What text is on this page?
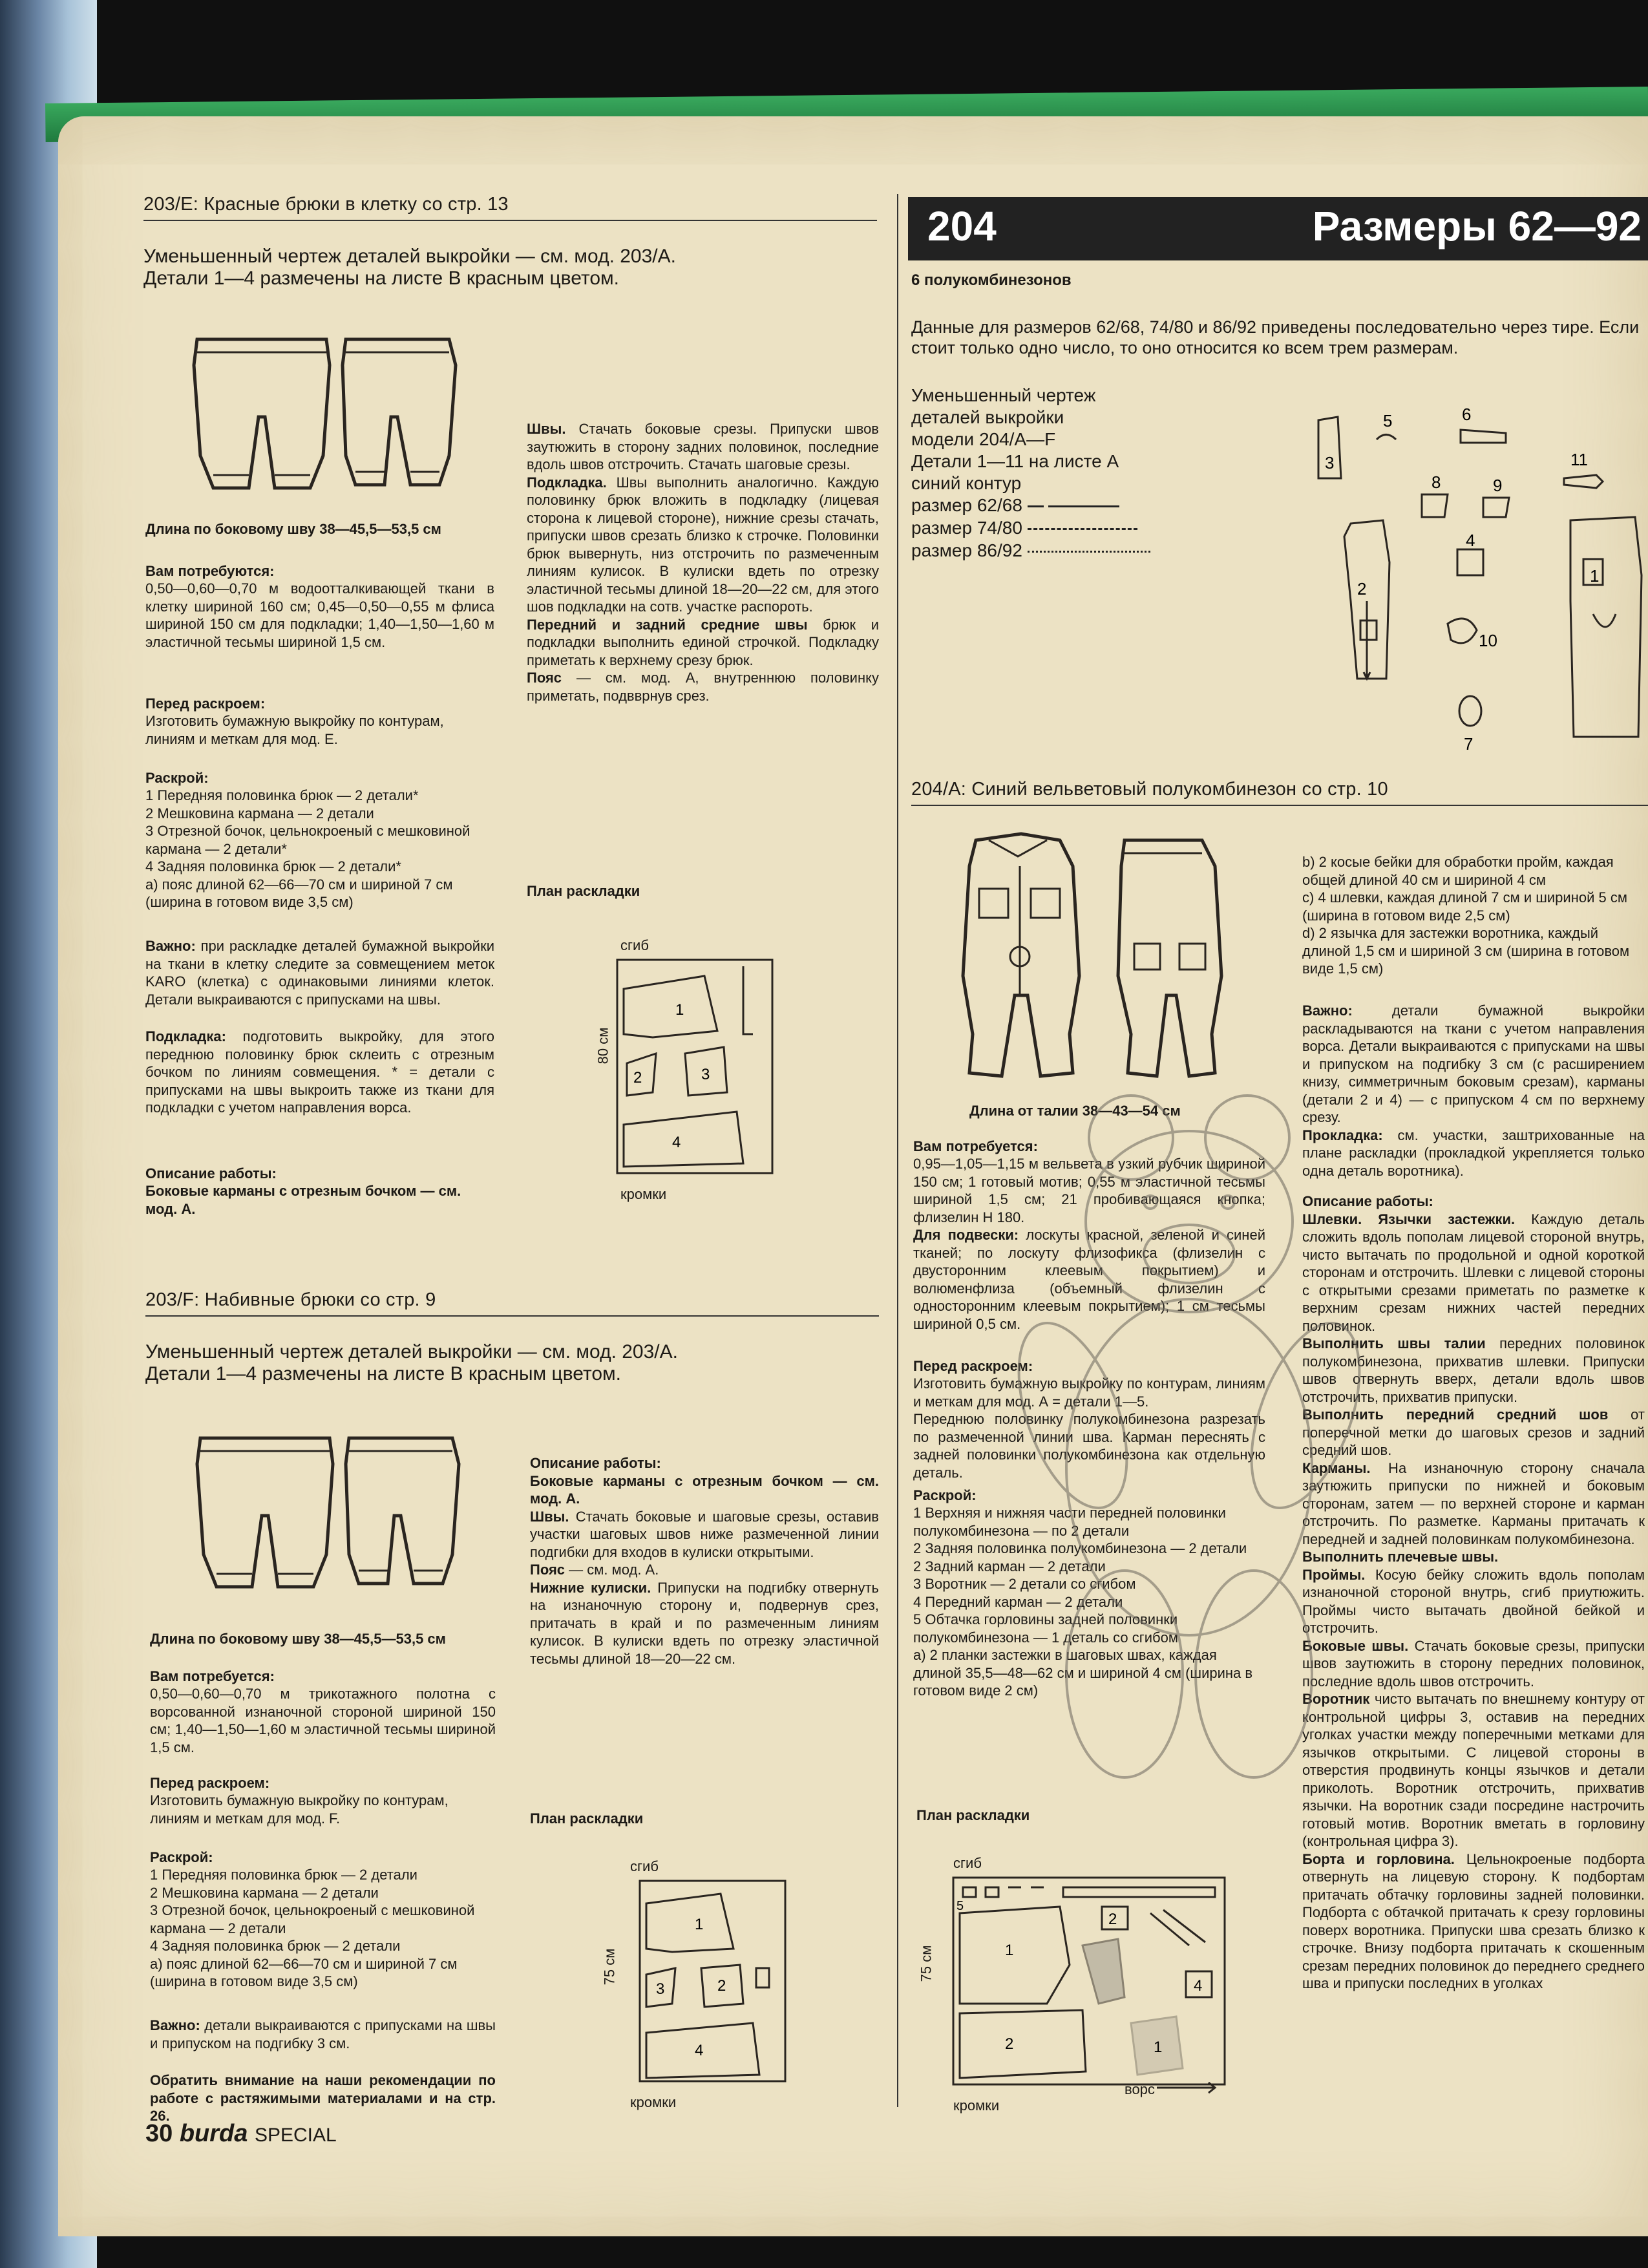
203/E: Красные брюки в клетку со стр. 13
Уменьшенный чертеж деталей выкройки — см. мод. 203/А.
Детали 1—4 размечены на листе В красным цветом.
Длина по боковому шву 38—45,5—53,5 см
Вам потребуются:
0,50—0,60—0,70 м водоотталкивающей ткани в клетку шириной 160 см; 0,45—0,50—0,55 м флиса шириной 150 см для подкладки; 1,40—1,50—1,60 м эластичной тесьмы шириной 1,5 см.
Перед раскроем:
Изготовить бумажную выкройку по контурам, линиям и меткам для мод. Е.
Раскрой:
1 Передняя половинка брюк — 2 детали*
2 Мешковина кармана — 2 детали
3 Отрезной бочок, цельнокроеный с мешковиной кармана — 2 детали*
4 Задняя половинка брюк — 2 детали*
а) пояс длиной 62—66—70 см и шириной 7 см (ширина в готовом виде 3,5 см)
Важно: при раскладке деталей бумажной выкройки на ткани в клетку следите за совмещением меток KARO (клетка) с одинаковыми линиями клеток. Детали выкраиваются с припусками на швы.
Подкладка: подготовить выкройку, для этого переднюю половинку брюк склеить с отрезным бочком по линиям совмещения. * = детали с припусками на швы выкроить также из ткани для подкладки с учетом направления ворса.
Описание работы:
Боковые карманы с отрезным бочком — см. мод. А.
Швы. Стачать боковые срезы. Припуски швов заутюжить в сторону задних половинок, последние вдоль швов отстрочить. Стачать шаговые срезы.
Подкладка. Швы выполнить аналогично. Каждую половинку брюк вложить в подкладку (лицевая сторона к лицевой стороне), нижние срезы стачать, припуски швов срезать близко к строчке. Половинки брюк вывернуть, низ отстрочить по размеченным линиям кулисок. В кулиски вдеть по отрезку эластичной тесьмы длиной 18—20—22 см, для этого шов подкладки на сотв. участке распороть.
Передний и задний средние швы брюк и подкладки выполнить единой строчкой. Подкладку приметать к верхнему срезу брюк.
Пояс — см. мод. А, внутреннюю половинку приметать, подвврнув срез.
План раскладки
сгиб
кромки
80 см
1
2	3
4
203/F: Набивные брюки со стр. 9
Уменьшенный чертеж деталей выкройки — см. мод. 203/А.
Детали 1—4 размечены на листе В красным цветом.
Длина по боковому шву 38—45,5—53,5 см
Вам потребуется:
0,50—0,60—0,70 м трикотажного полотна с ворсованной изнаночной стороной шириной 150 см; 1,40—1,50—1,60 м эластичной тесьмы шириной 1,5 см.
Перед раскроем:
Изготовить бумажную выкройку по контурам, линиям и меткам для мод. F.
Раскрой:
1 Передняя половинка брюк — 2 детали
2 Мешковина кармана — 2 детали
3 Отрезной бочок, цельнокроеный с мешковиной кармана — 2 детали
4 Задняя половинка брюк — 2 детали
а) пояс длиной 62—66—70 см и шириной 7 см (ширина в готовом виде 3,5 см)
Важно: детали выкраиваются с припусками на швы и припуском на подгибку 3 см.
Обратить внимание на наши рекомендации по работе с растяжимыми материалами и на стр. 26.
Описание работы:
Боковые карманы с отрезным бочком — см. мод. А.
Швы. Стачать боковые и шаговые срезы, оставив участки шаговых швов ниже размеченной линии подгибки для входов в кулиски открытыми.
Пояс — см. мод. А.
Нижние кулиски. Припуски на подгибку отвернуть на изнаночную сторону и, подвернув срез, притачать в край и по размеченным линиям кулисок. В кулиски вдеть по отрезку эластичной тесьмы длиной 18—20—22 см.
План раскладки
сгиб
кромки
75 см
1
3	2
4
30 burda SPECIAL
204	Размеры 62—92
6 полукомбинезонов
Данные для размеров 62/68, 74/80 и 86/92 приведены последовательно через тире. Если стоит только одно число, то оно относится ко всем трем размерам.
Уменьшенный чертеж
деталей выкройки
модели 204/А—F
Детали 1—11 на листе А
синий контур
размер 62/68
размер 74/80
размер 86/92
3
5	6
8	9
11
2
4
10
7
1
204/А: Синий вельветовый полукомбинезон со стр. 10
Длина от талии 38—43—54 см
Вам потребуется:
0,95—1,05—1,15 м вельвета в узкий рубчик шириной 150 см; 1 готовый мотив; 0,55 м эластичной тесьмы шириной 1,5 см; 21 пробивающаяся кнопка; флизелин Н 180.
Для подвески: лоскуты красной, зеленой и синей тканей; по лоскуту флизофикса (флизелин с двусторонним клеевым покрытием) и волюменфлиза (объемный флизелин с односторонним клеевым покрытием); 1 см тесьмы шириной 0,5 см.
Перед раскроем:
Изготовить бумажную выкройку по контурам, линиям и меткам для мод. А = детали 1—5.
Переднюю половинку полукомбинезона разрезать по размеченной линии шва. Карман переснять с задней половинки полукомбинезона как отдельную деталь.
Раскрой:
1 Верхняя и нижняя части передней половинки полукомбинезона — по 2 детали
2 Задняя половинка полукомбинезона — 2 детали
2 Задний карман — 2 детали
3 Воротник — 2 детали со сгибом
4 Передний карман — 2 детали
5 Обтачка горловины задней половинки полукомбинезона — 1 деталь со сгибом
а) 2 планки застежки в шаговых швах, каждая длиной 35,5—48—62 см и шириной 4 см (ширина в готовом виде 2 см)
План раскладки
сгиб
кромки
ворс
75 см	1
2
2
4
1
5
b) 2 косые бейки для обработки пройм, каждая общей длиной 40 см и шириной 4 см
с) 4 шлевки, каждая длиной 7 см и шириной 5 см (ширина в готовом виде 2,5 см)
d) 2 язычка для застежки воротника, каждый длиной 1,5 см и шириной 3 см (ширина в готовом виде 1,5 см)
Важно: детали бумажной выкройки раскладываются на ткани с учетом направления ворса. Детали выкраиваются с припусками на швы и припуском на подгибку 3 см (с расширением книзу, симметричным боковым срезам), карманы (детали 2 и 4) — с припуском 4 см по верхнему срезу.
Прокладка: см. участки, заштрихованные на плане раскладки (прокладкой укрепляется только одна деталь воротника).
Описание работы:
Шлевки. Язычки застежки. Каждую деталь сложить вдоль пополам лицевой стороной внутрь, чисто вытачать по продольной и одной короткой сторонам и отстрочить. Шлевки с лицевой стороны с открытыми срезами приметать по разметке к верхним срезам нижних частей передних половинок.
Выполнить швы талии передних половинок полукомбинезона, прихватив шлевки. Припуски швов отвернуть вверх, детали вдоль швов отстрочить, прихватив припуски.
Выполнить передний средний шов от поперечной метки до шаговых срезов и задний средний шов.
Карманы. На изнаночную сторону сначала заутюжить припуски по нижней и боковым сторонам, затем — по верхней стороне и карман отстрочить. По разметке. Карманы притачать к передней и задней половинкам полукомбинезона.
Выполнить плечевые швы.
Проймы. Косую бейку сложить вдоль пополам изнаночной стороной внутрь, сгиб приутюжить. Проймы чисто вытачать двойной бейкой и отстрочить.
Боковые швы. Стачать боковые срезы, припуски швов заутюжить в сторону передних половинок, последние вдоль швов отстрочить.
Воротник чисто вытачать по внешнему контуру от контрольной цифры 3, оставив на передних уголках участки между поперечными метками для язычков открытыми. С лицевой стороны в отверстия продвинуть концы язычков и детали приколоть. Воротник отстрочить, прихватив язычки. На воротник сзади посредине настрочить готовый мотив. Воротник вметать в горловину (контрольная цифра 3).
Борта и горловина. Цельнокроеные подборта отвернуть на лицевую сторону. К подбортам притачать обтачку горловины задней половинки. Подборта с обтачкой притачать к срезу горловины поверх воротника. Припуски шва срезать близко к строчке. Внизу подборта притачать к скошенным срезам передних половинок до переднего среднего шва и припуски последних в уголках
